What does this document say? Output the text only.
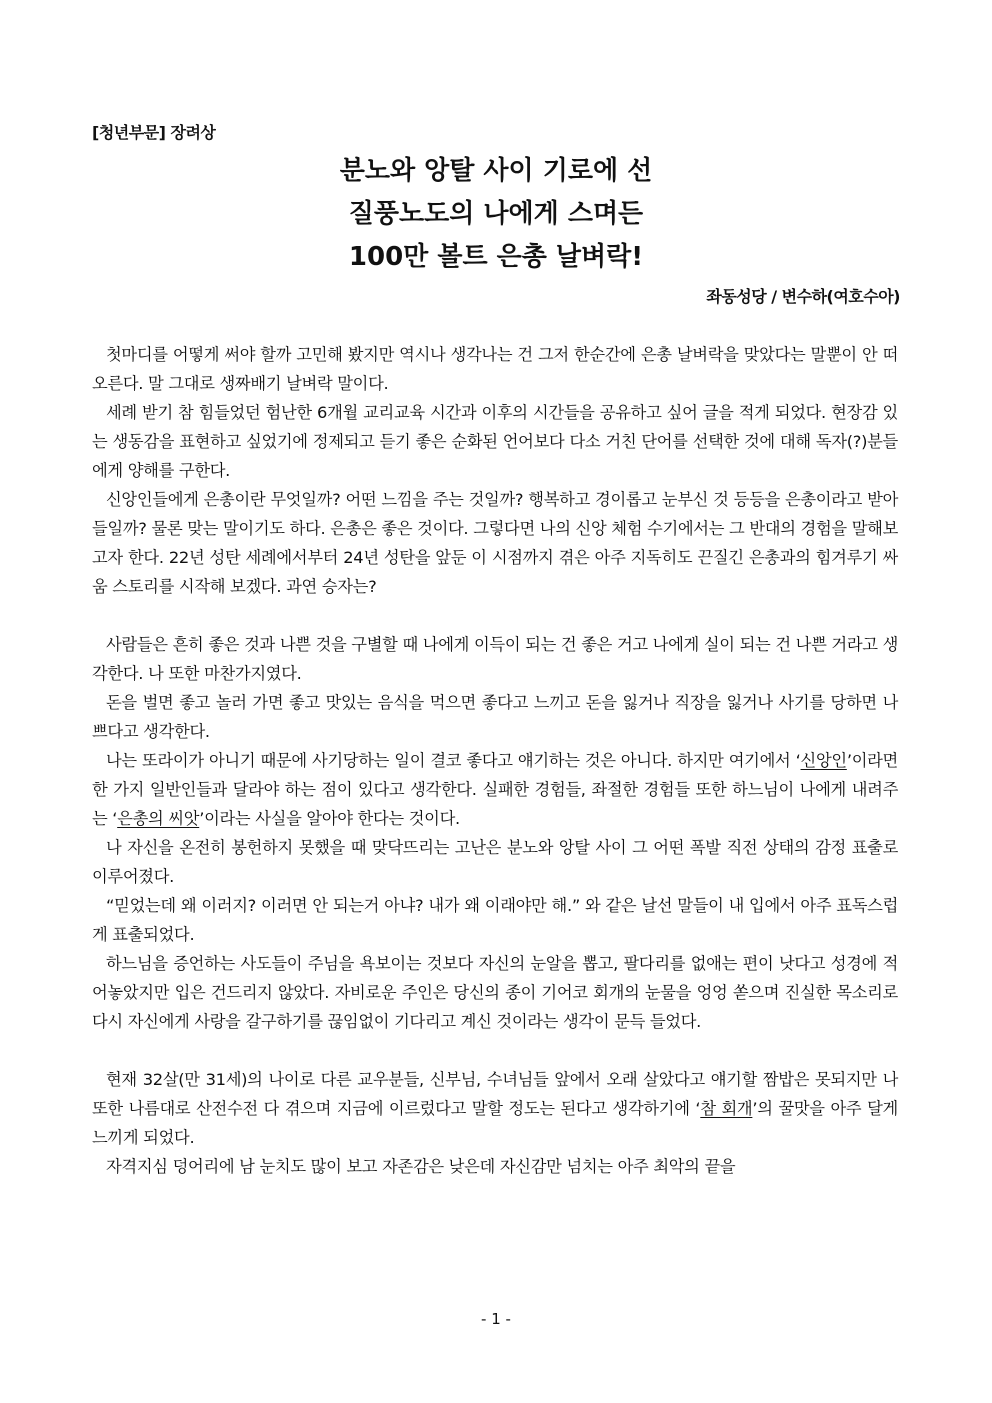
[청년부문] 장려상
분노와 앙탈 사이 기로에 선
질풍노도의 나에게 스며든
100만 볼트 은총 날벼락!
좌동성당 / 변수하(여호수아)

첫마디를 어떻게 써야 할까 고민해 봤지만 역시나 생각나는 건 그저 한순간에 은총 날벼락을 맞았다는 말뿐이 안 떠오른다. 말 그대로 생짜배기 날벼락 말이다.

세례 받기 참 힘들었던 험난한 6개월 교리교육 시간과 이후의 시간들을 공유하고 싶어 글을 적게 되었다. 현장감 있는 생동감을 표현하고 싶었기에 정제되고 듣기 좋은 순화된 언어보다 다소 거친 단어를 선택한 것에 대해 독자(?)분들에게 양해를 구한다.

신앙인들에게 은총이란 무엇일까? 어떤 느낌을 주는 것일까? 행복하고 경이롭고 눈부신 것 등등을 은총이라고 받아들일까? 물론 맞는 말이기도 하다. 은총은 좋은 것이다. 그렇다면 나의 신앙 체험 수기에서는 그 반대의 경험을 말해보고자 한다. 22년 성탄 세례에서부터 24년 성탄을 앞둔 이 시점까지 겪은 아주 지독히도 끈질긴 은총과의 힘겨루기 싸움 스토리를 시작해 보겠다. 과연 승자는?

사람들은 흔히 좋은 것과 나쁜 것을 구별할 때 나에게 이득이 되는 건 좋은 거고 나에게 실이 되는 건 나쁜 거라고 생각한다. 나 또한 마찬가지였다.

돈을 벌면 좋고 놀러 가면 좋고 맛있는 음식을 먹으면 좋다고 느끼고 돈을 잃거나 직장을 잃거나 사기를 당하면 나쁘다고 생각한다.

나는 또라이가 아니기 때문에 사기당하는 일이 결코 좋다고 얘기하는 것은 아니다. 하지만 여기에서 ‘신앙인’이라면 한 가지 일반인들과 달라야 하는 점이 있다고 생각한다. 실패한 경험들, 좌절한 경험들 또한 하느님이 나에게 내려주는 ‘은총의 씨앗’이라는 사실을 알아야 한다는 것이다.

나 자신을 온전히 봉헌하지 못했을 때 맞닥뜨리는 고난은 분노와 앙탈 사이 그 어떤 폭발 직전 상태의 감정 표출로 이루어졌다.

“믿었는데 왜 이러지? 이러면 안 되는거 아냐? 내가 왜 이래야만 해.” 와 같은 날선 말들이 내 입에서 아주 표독스럽게 표출되었다.

하느님을 증언하는 사도들이 주님을 욕보이는 것보다 자신의 눈알을 뽑고, 팔다리를 없애는 편이 낫다고 성경에 적어놓았지만 입은 건드리지 않았다. 자비로운 주인은 당신의 종이 기어코 회개의 눈물을 엉엉 쏟으며 진실한 목소리로 다시 자신에게 사랑을 갈구하기를 끊임없이 기다리고 계신 것이라는 생각이 문득 들었다.

현재 32살(만 31세)의 나이로 다른 교우분들, 신부님, 수녀님들 앞에서 오래 살았다고 얘기할 짬밥은 못되지만 나 또한 나름대로 산전수전 다 겪으며 지금에 이르렀다고 말할 정도는 된다고 생각하기에 ‘참 회개’의 꿀맛을 아주 달게 느끼게 되었다.

자격지심 덩어리에 남 눈치도 많이 보고 자존감은 낮은데 자신감만 넘치는 아주 최악의 끝을

- 1 -
